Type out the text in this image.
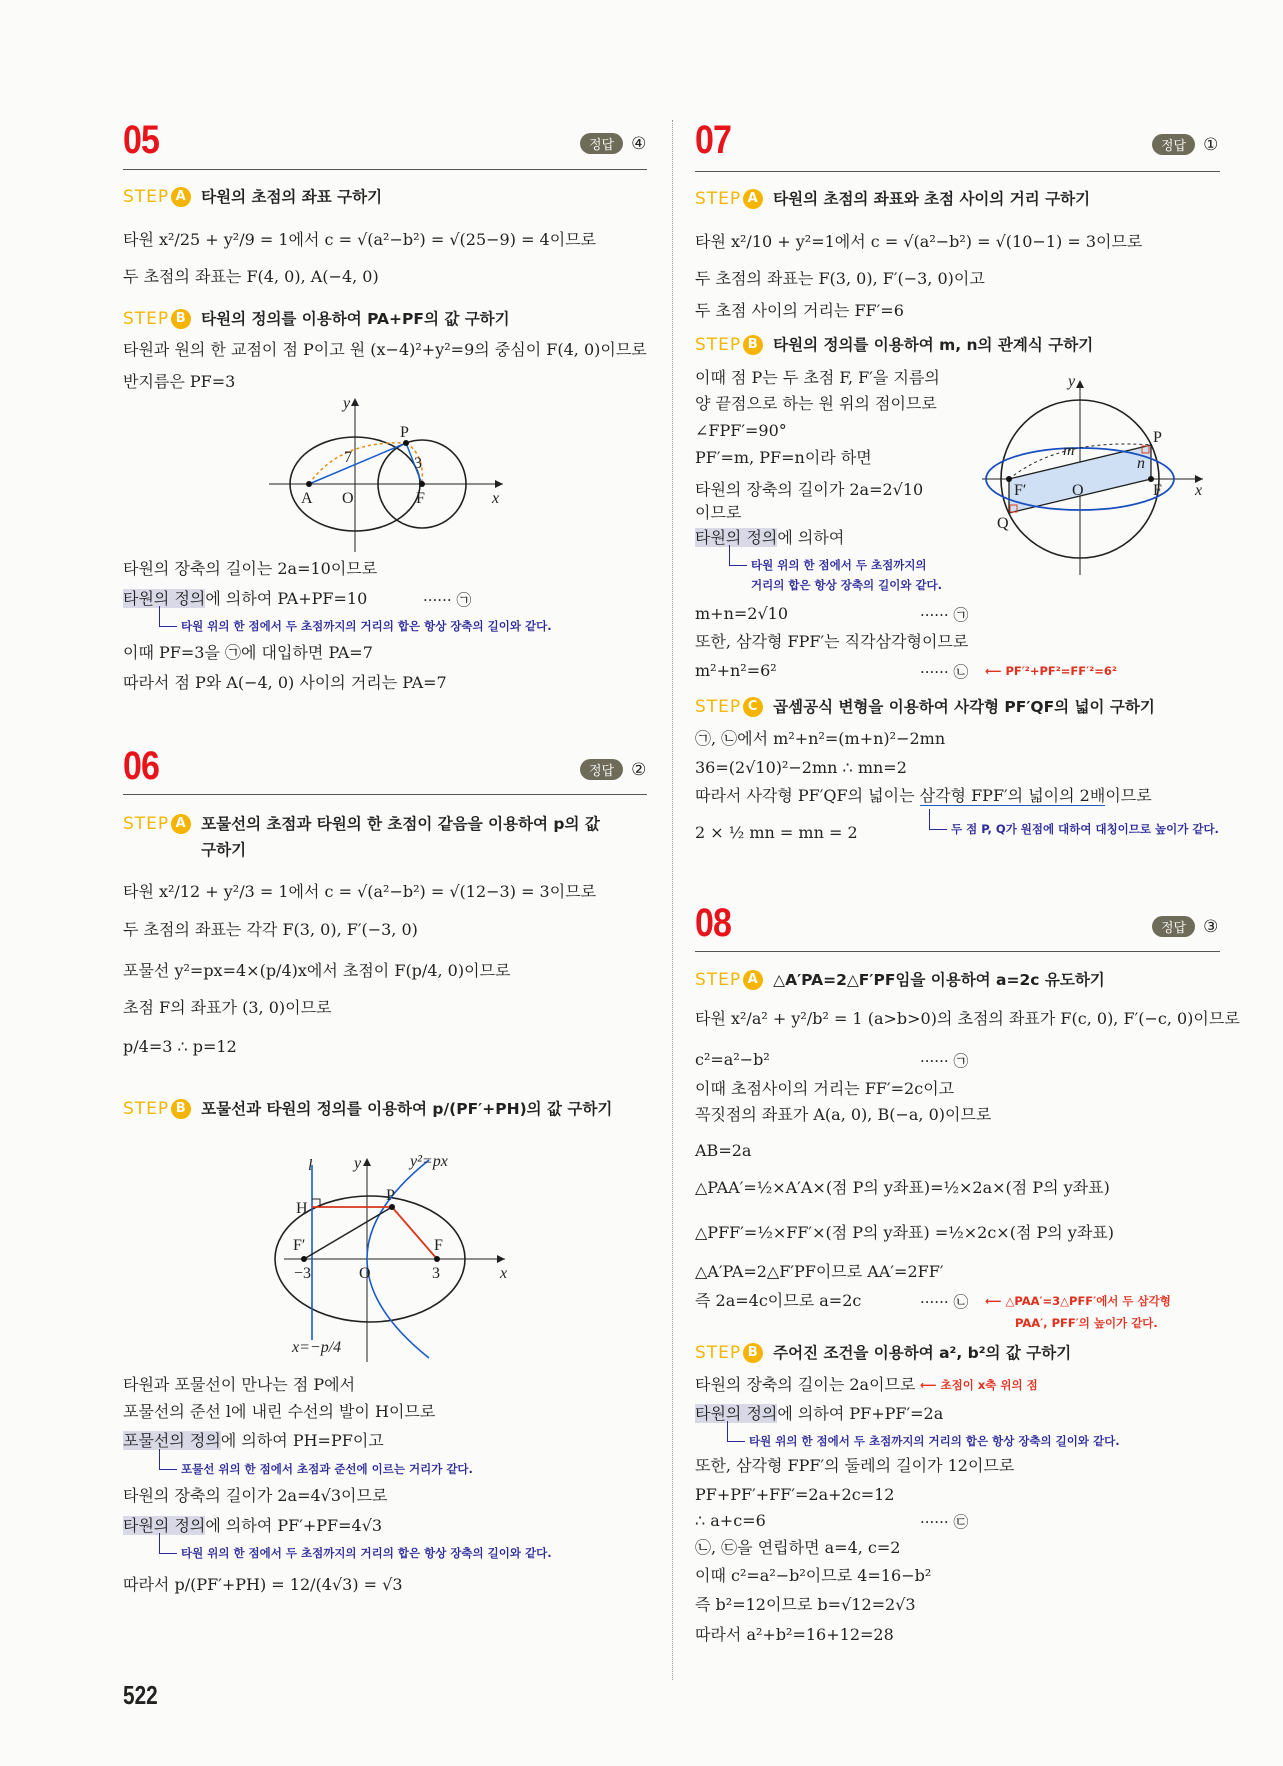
05	정답	④
STEP A 타원의 초점의 좌표 구하기
타원 x²/25 + y²/9 = 1에서 c = √(a²−b²) = √(25−9) = 4이므로
두 초점의 좌표는 F(4, 0), A(−4, 0)
STEP B 타원의 정의를 이용하여 PA+PF의 값 구하기
타원과 원의 한 교점이 점 P이고 원 (x−4)²+y²=9의 중심이 F(4, 0)이므로
반지름은 PF=3
y
P
7	3
A O	F	x
l	y	y²=px
H
P
F′	F
−3	O	3	x
x=−p/4
y
P
m
n
F′	O	F
Q
x
타원의 장축의 길이는 2a=10이므로
타원의 정의에 의하여 PA+PF=10	······ ㉠
타원 위의 한 점에서 두 초점까지의 거리의 합은 항상 장축의 길이와 같다.
이때 PF=3을 ㉠에 대입하면 PA=7
따라서 점 P와 A(−4, 0) 사이의 거리는 PA=7
06	정답	②
STEP A 포물선의 초점과 타원의 한 초점이 같음을 이용하여 p의 값
구하기
타원 x²/12 + y²/3 = 1에서 c = √(a²−b²) = √(12−3) = 3이므로
두 초점의 좌표는 각각 F(3, 0), F′(−3, 0)
포물선 y²=px=4×(p/4)x에서 초점이 F(p/4, 0)이므로
초점 F의 좌표가 (3, 0)이므로
p/4=3 ∴ p=12
STEP B 포물선과 타원의 정의를 이용하여 p/(PF′+PH)의 값 구하기
타원과 포물선이 만나는 점 P에서
포물선의 준선 l에 내린 수선의 발이 H이므로
포물선의 정의에 의하여 PH=PF이고
포물선 위의 한 점에서 초점과 준선에 이르는 거리가 같다.
타원의 장축의 길이가 2a=4√3이므로
타원의 정의에 의하여 PF′+PF=4√3
타원 위의 한 점에서 두 초점까지의 거리의 합은 항상 장축의 길이와 같다.
따라서 p/(PF′+PH) = 12/(4√3) = √3
522
07	정답	①
STEP A 타원의 초점의 좌표와 초점 사이의 거리 구하기
타원 x²/10 + y²=1에서 c = √(a²−b²) = √(10−1) = 3이므로
두 초점의 좌표는 F(3, 0), F′(−3, 0)이고
두 초점 사이의 거리는 FF′=6
STEP B 타원의 정의를 이용하여 m, n의 관계식 구하기
이때 점 P는 두 초점 F, F′을 지름의
양 끝점으로 하는 원 위의 점이므로
∠FPF′=90°
PF′=m, PF=n이라 하면
타원의 장축의 길이가 2a=2√10
이므로
타원의 정의에 의하여
타원 위의 한 점에서 두 초점까지의
거리의 합은 항상 장축의 길이와 같다.
m+n=2√10	······ ㉠
또한, 삼각형 FPF′는 직각삼각형이므로
m²+n²=6²	······ ㉡ ⟵ PF′²+PF²=FF′²=6²
STEP C 곱셈공식 변형을 이용하여 사각형 PF′QF의 넓이 구하기
㉠, ㉡에서 m²+n²=(m+n)²−2mn
36=(2√10)²−2mn ∴ mn=2
따라서 사각형 PF′QF의 넓이는 삼각형 FPF′의 넓이의 2배이므로
2 × ½ mn = mn = 2	두 점 P, Q가 원점에 대하여 대칭이므로 높이가 같다.
08	정답	③
STEP A △A′PA=2△F′PF임을 이용하여 a=2c 유도하기
타원 x²/a² + y²/b² = 1 (a>b>0)의 초점의 좌표가 F(c, 0), F′(−c, 0)이므로
c²=a²−b²	······ ㉠
이때 초점사이의 거리는 FF′=2c이고
꼭짓점의 좌표가 A(a, 0), B(−a, 0)이므로
AB=2a
△PAA′=½×A′A×(점 P의 y좌표)=½×2a×(점 P의 y좌표)
△PFF′=½×FF′×(점 P의 y좌표) =½×2c×(점 P의 y좌표)
△A′PA=2△F′PF이므로 AA′=2FF′
즉 2a=4c이므로 a=2c	······ ㉡ ⟵ △PAA′=3△PFF′에서 두 삼각형
PAA′, PFF′의 높이가 같다.
STEP B 주어진 조건을 이용하여 a², b²의 값 구하기
타원의 장축의 길이는 2a이므로 ⟵ 초점이 x축 위의 점
타원의 정의에 의하여 PF+PF′=2a
타원 위의 한 점에서 두 초점까지의 거리의 합은 항상 장축의 길이와 같다.
또한, 삼각형 FPF′의 둘레의 길이가 12이므로
PF+PF′+FF′=2a+2c=12
∴ a+c=6	······ ㉢
㉡, ㉢을 연립하면 a=4, c=2
이때 c²=a²−b²이므로 4=16−b²
즉 b²=12이므로 b=√12=2√3
따라서 a²+b²=16+12=28
